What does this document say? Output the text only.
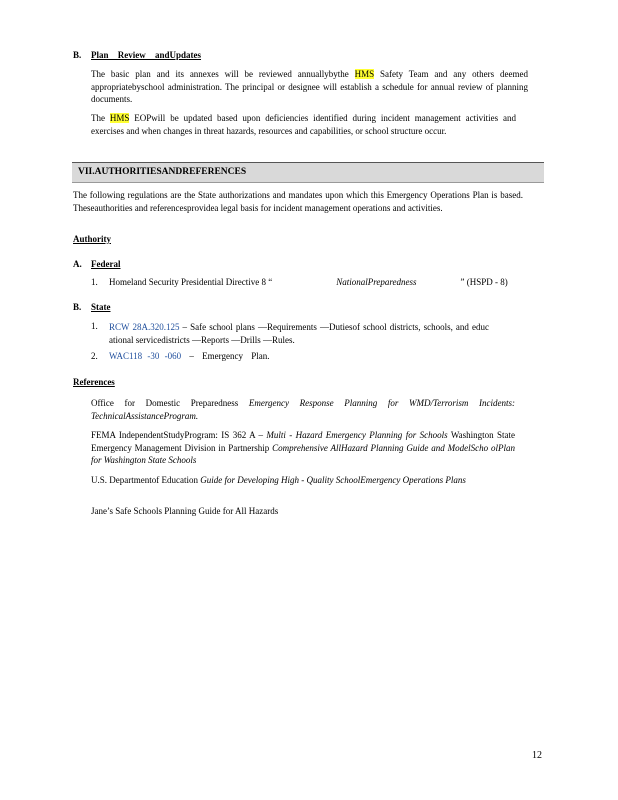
B. Plan Review andUpdates
The basic plan and its annexes will be reviewed annuallybythe HMS Safety Team and any others deemed appropriatebyschool administration. The principal or designee will establish a schedule for annual review of planning documents.
The HMS EOPwill be updated based upon deficiencies identified during incident management activities and exercises and when changes in threat hazards, resources and capabilities, or school structure occur.
VII.AUTHORITIESANDREFERENCES
The following regulations are the State authorizations and mandates upon which this Emergency Operations Plan is based. Theseauthorities and referencesprovidea legal basis for incident management operations and activities.
Authority
A. Federal
1. Homeland Security Presidential Directive 8 “	NationalPreparedness	” (HSPD - 8)
B. State
1. RCW 28A.320.125 – Safe school plans —Requirements —Dutiesof school districts, schools, and educ ational servicedistricts —Reports —Drills —Rules.
2. WAC118 -30 -060 – Emergency Plan.
References
Office for Domestic Preparedness Emergency Response Planning for WMD/Terrorism Incidents: TechnicalAssistanceProgram.
FEMA IndependentStudyProgram: IS 362 A – Multi - Hazard Emergency Planning for Schools Washington State Emergency Management Division in Partnership Comprehensive AllHazard Planning Guide and ModelScho olPlan for Washington State Schools
U.S. Departmentof Education Guide for Developing High - Quality SchoolEmergency Operations Plans
Jane’s Safe Schools Planning Guide for All Hazards
12
